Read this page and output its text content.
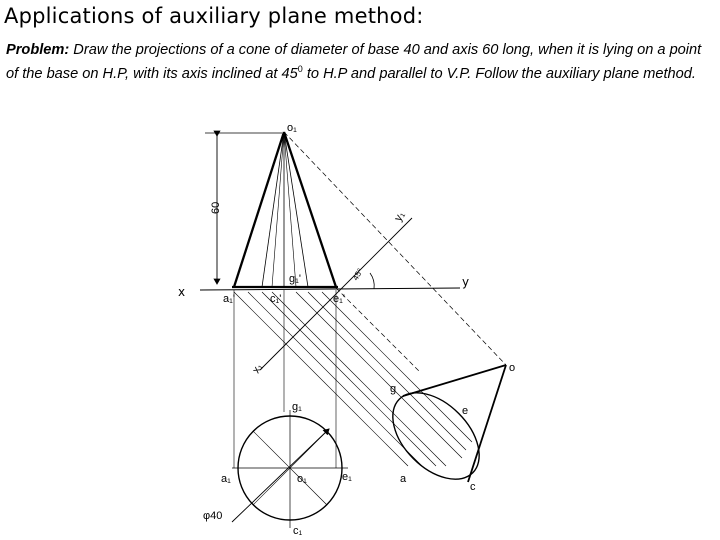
Applications of auxiliary plane method:
Problem: Draw the projections of a cone of diameter of base 40 and axis 60 long, when it is lying on a point of the base on H.P, with its axis inclined at $45^0$ to H.P and parallel to V.P. Follow the auxiliary plane method.
o₁
60
x
y
x₁
y₁
45°
g₁'
a₁'	c₁'	e₁'
o
g
e
a
c
g₁
a₁	o₁	e₁
c₁
φ40
